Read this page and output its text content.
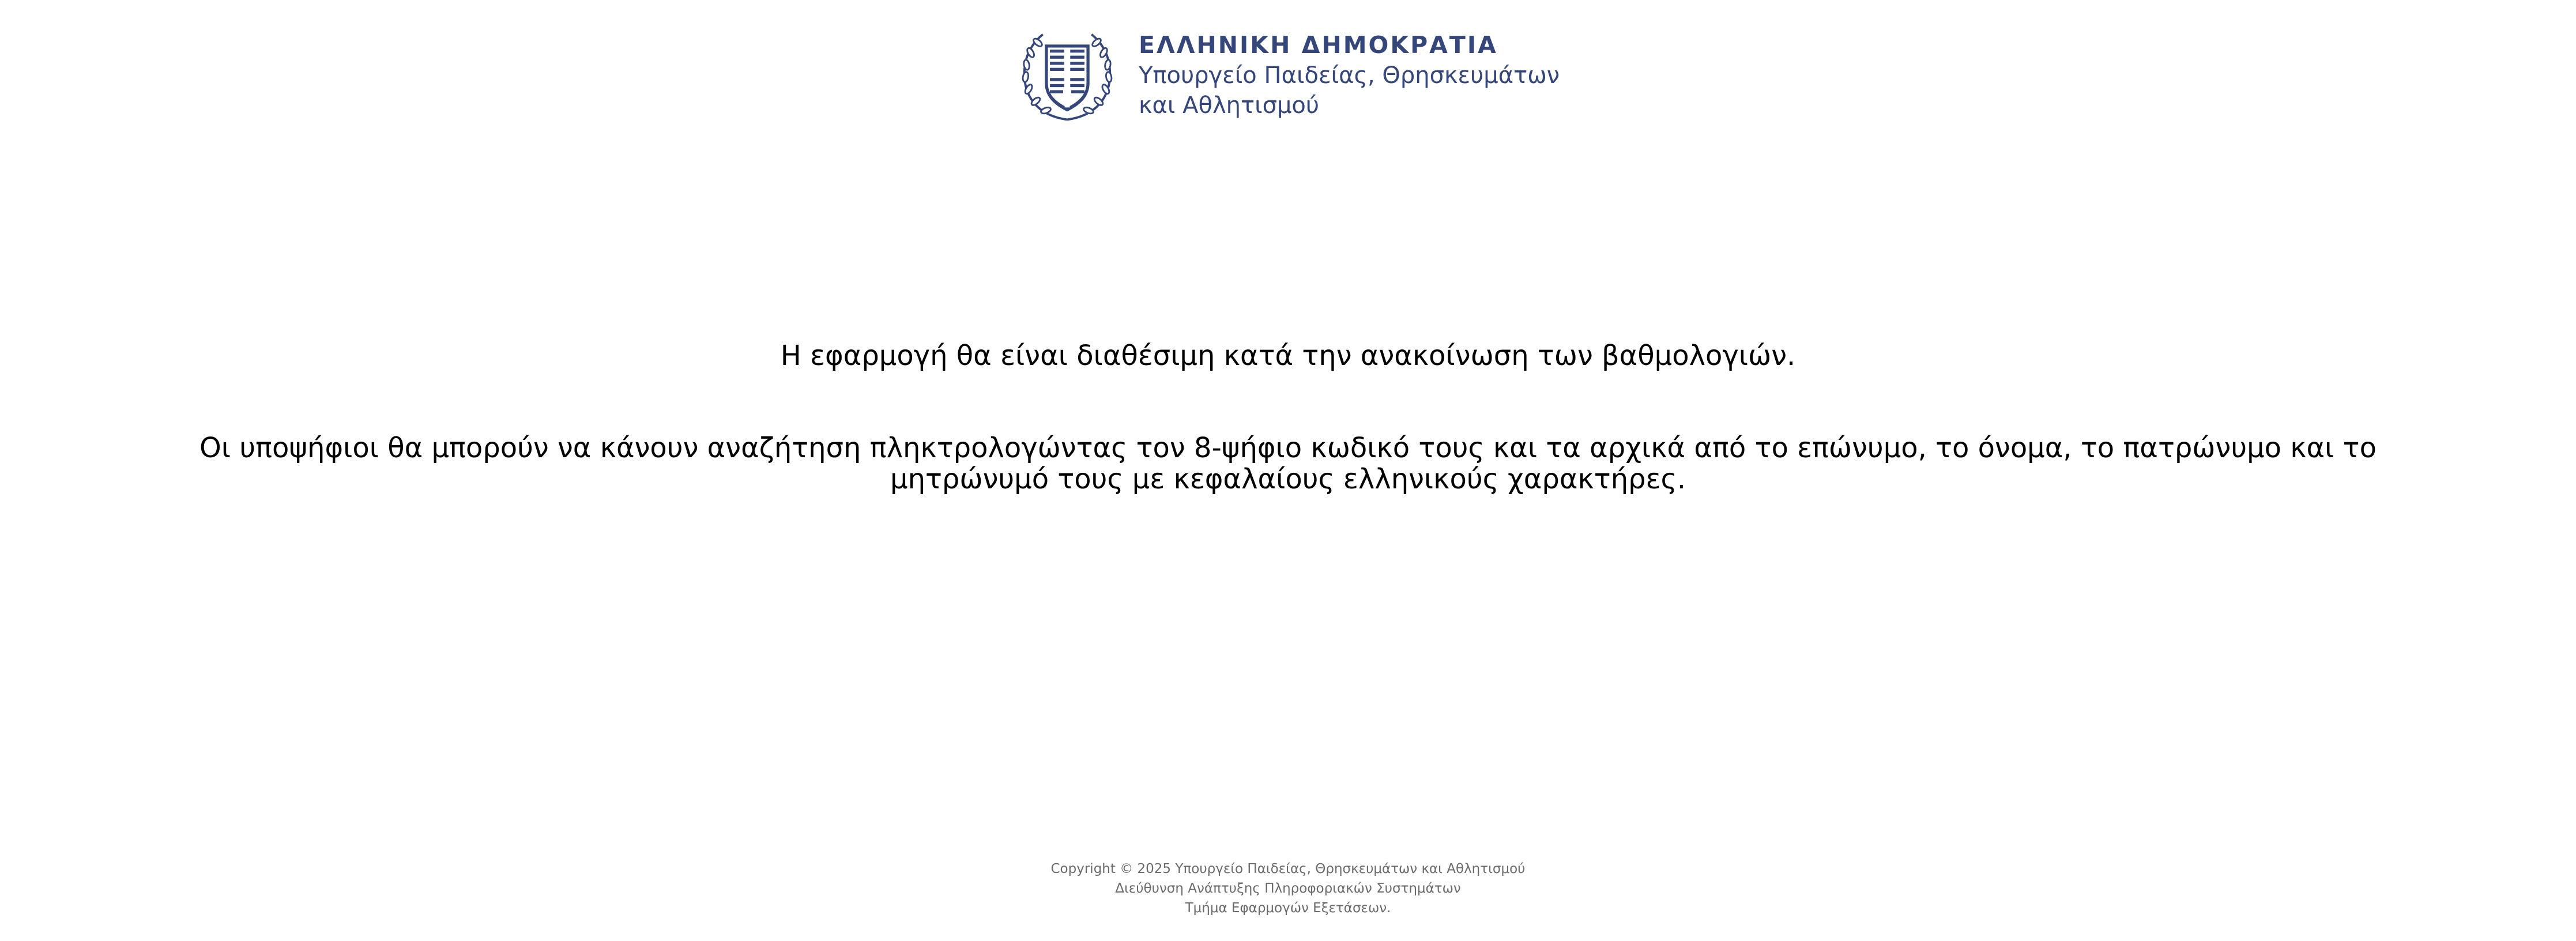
ΕΛΛΗΝΙΚΗ ΔΗΜΟΚΡΑΤΙΑ
Υπουργείο Παιδείας, Θρησκευμάτων
και Αθλητισμού
Η εφαρμογή θα είναι διαθέσιμη κατά την ανακοίνωση των βαθμολογιών.
Οι υποψήφιοι θα μπορούν να κάνουν αναζήτηση πληκτρολογώντας τον 8-ψήφιο κωδικό τους και τα αρχικά από το επώνυμο, το όνομα, το πατρώνυμο και το μητρώνυμό τους με κεφαλαίους ελληνικούς χαρακτήρες.
Copyright © 2025 Υπουργείο Παιδείας, Θρησκευμάτων και Αθλητισμού
Διεύθυνση Ανάπτυξης Πληροφοριακών Συστημάτων
Τμήμα Εφαρμογών Εξετάσεων.
